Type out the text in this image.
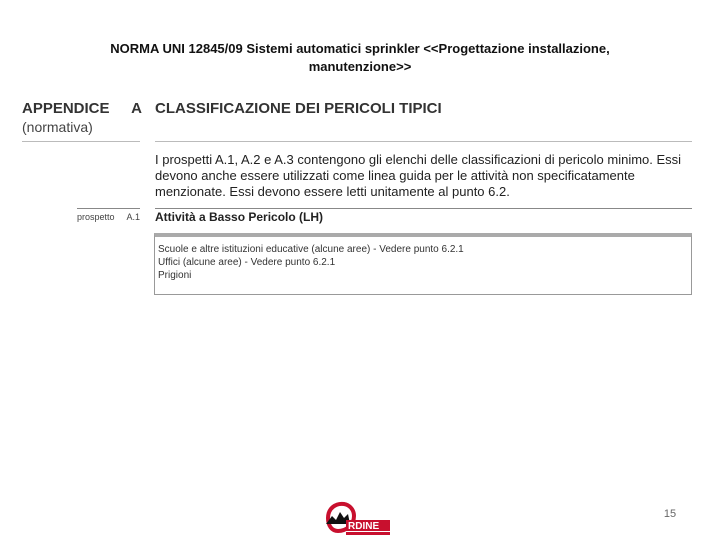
NORMA UNI 12845/09 Sistemi automatici sprinkler <<Progettazione installazione,
manutenzione>>
APPENDICE A
(normativa)
CLASSIFICAZIONE DEI PERICOLI TIPICI
I prospetti A.1, A.2 e A.3 contengono gli elenchi delle classificazioni di pericolo minimo. Essi devono anche essere utilizzati come linea guida per le attività non specificatamente menzionate. Essi devono essere letti unitamente al punto 6.2.
prospetto A.1 Attività a Basso Pericolo (LH)
Scuole e altre istituzioni educative (alcune aree) - Vedere punto 6.2.1
Uffici (alcune aree) - Vedere punto 6.2.1
Prigioni
RDINE
15
